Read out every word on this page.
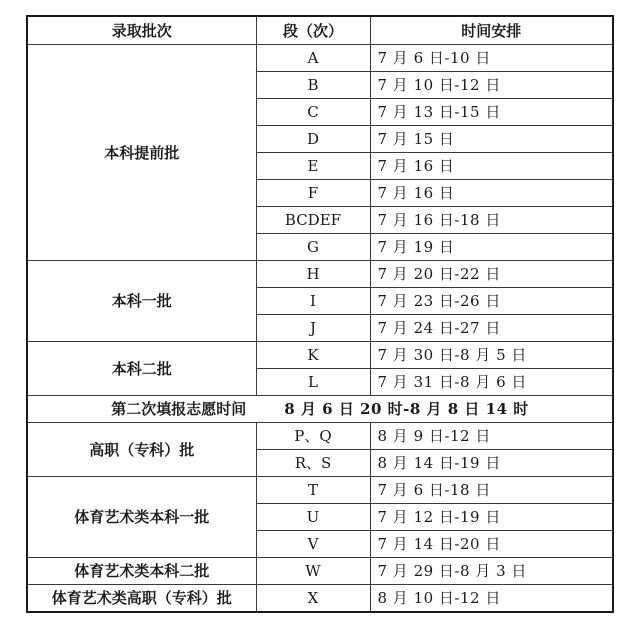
录取批次	段（次）	时间安排
本科提前批	A	7 月 6 日-10 日
	B	7 月 10 日-12 日
	C	7 月 13 日-15 日
	D	7 月 15 日
	E	7 月 16 日
	F	7 月 16 日
	BCDEF	7 月 16 日-18 日
	G	7 月 19 日
本科一批	H	7 月 20 日-22 日
	I	7 月 23 日-26 日
	J	7 月 24 日-27 日
本科二批	K	7 月 30 日-8 月 5 日
	L	7 月 31 日-8 月 6 日
第二次填报志愿时间 8 月 6 日 20 时-8 月 8 日 14 时		
高职（专科）批	P、Q	8 月 9 日-12 日
	R、S	8 月 14 日-19 日
体育艺术类本科一批	T	7 月 6 日-18 日
	U	7 月 12 日-19 日
	V	7 月 14 日-20 日
体育艺术类本科二批	W	7 月 29 日-8 月 3 日
体育艺术类高职（专科）批	X	8 月 10 日-12 日
